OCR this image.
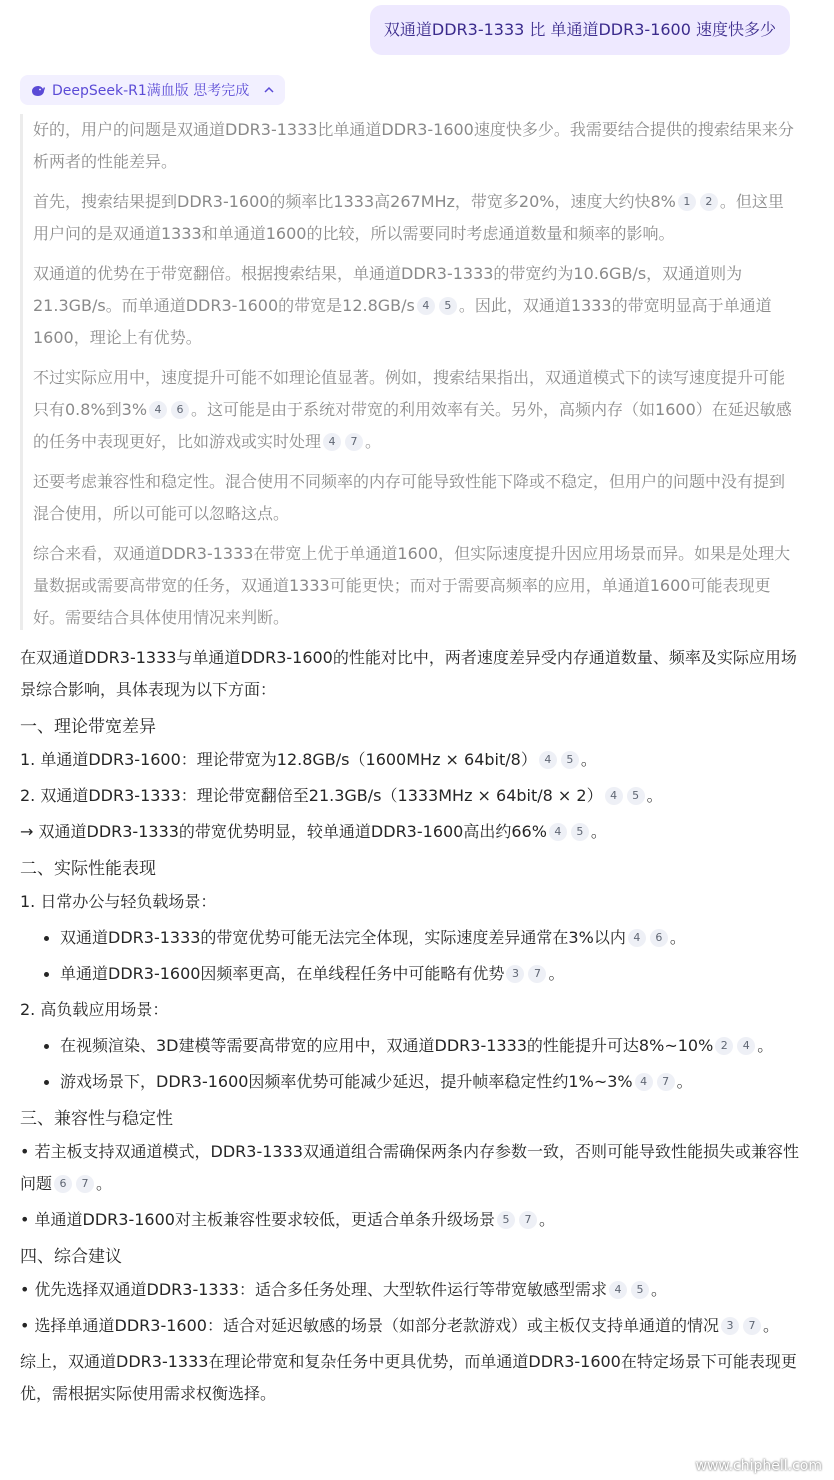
双通道DDR3-1333 比 单通道DDR3-1600 速度快多少
DeepSeek-R1满血版 思考完成

好的，用户的问题是双通道DDR3-1333比单通道DDR3-1600速度快多少。我需要结合提供的搜索结果来分析两者的性能差异。

首先，搜索结果提到DDR3-1600的频率比1333高267MHz，带宽多20%，速度大约快8% 1 2 。但这里用户问的是双通道1333和单通道1600的比较，所以需要同时考虑通道数量和频率的影响。

双通道的优势在于带宽翻倍。根据搜索结果，单通道DDR3-1333的带宽约为10.6GB/s，双通道则为21.3GB/s。而单通道DDR3-1600的带宽是12.8GB/s 4 5 。因此，双通道1333的带宽明显高于单通道1600，理论上有优势。

不过实际应用中，速度提升可能不如理论值显著。例如，搜索结果指出，双通道模式下的读写速度提升可能只有0.8%到3% 4 6 。这可能是由于系统对带宽的利用效率有关。另外，高频内存（如1600）在延迟敏感的任务中表现更好，比如游戏或实时处理 4 7 。

还要考虑兼容性和稳定性。混合使用不同频率的内存可能导致性能下降或不稳定，但用户的问题中没有提到混合使用，所以可能可以忽略这点。

综合来看，双通道DDR3-1333在带宽上优于单通道1600，但实际速度提升因应用场景而异。如果是处理大量数据或需要高带宽的任务，双通道1333可能更快；而对于需要高频率的应用，单通道1600可能表现更好。需要结合具体使用情况来判断。

在双通道DDR3-1333与单通道DDR3-1600的性能对比中，两者速度差异受内存通道数量、频率及实际应用场景综合影响，具体表现为以下方面：

一、理论带宽差异

1. 单通道DDR3-1600：理论带宽为12.8GB/s（1600MHz × 64bit/8） 4 5 。

2. 双通道DDR3-1333：理论带宽翻倍至21.3GB/s（1333MHz × 64bit/8 × 2） 4 5 。

→ 双通道DDR3-1333的带宽优势明显，较单通道DDR3-1600高出约66% 4 5 。

二、实际性能表现

1. 日常办公与轻负载场景：

双通道DDR3-1333的带宽优势可能无法完全体现，实际速度差异通常在3%以内 4 6 。

单通道DDR3-1600因频率更高，在单线程任务中可能略有优势 3 7 。

2. 高负载应用场景：

在视频渲染、3D建模等需要高带宽的应用中，双通道DDR3-1333的性能提升可达8%~10% 2 4 。

游戏场景下，DDR3-1600因频率优势可能减少延迟，提升帧率稳定性约1%~3% 4 7 。

三、兼容性与稳定性

• 若主板支持双通道模式，DDR3-1333双通道组合需确保两条内存参数一致，否则可能导致性能损失或兼容性问题 6 7 。

• 单通道DDR3-1600对主板兼容性要求较低，更适合单条升级场景 5 7 。

四、综合建议

• 优先选择双通道DDR3-1333：适合多任务处理、大型软件运行等带宽敏感型需求 4 5 。

• 选择单通道DDR3-1600：适合对延迟敏感的场景（如部分老款游戏）或主板仅支持单通道的情况 3 7 。

综上，双通道DDR3-1333在理论带宽和复杂任务中更具优势，而单通道DDR3-1600在特定场景下可能表现更优，需根据实际使用需求权衡选择。

www.chiphell.com
